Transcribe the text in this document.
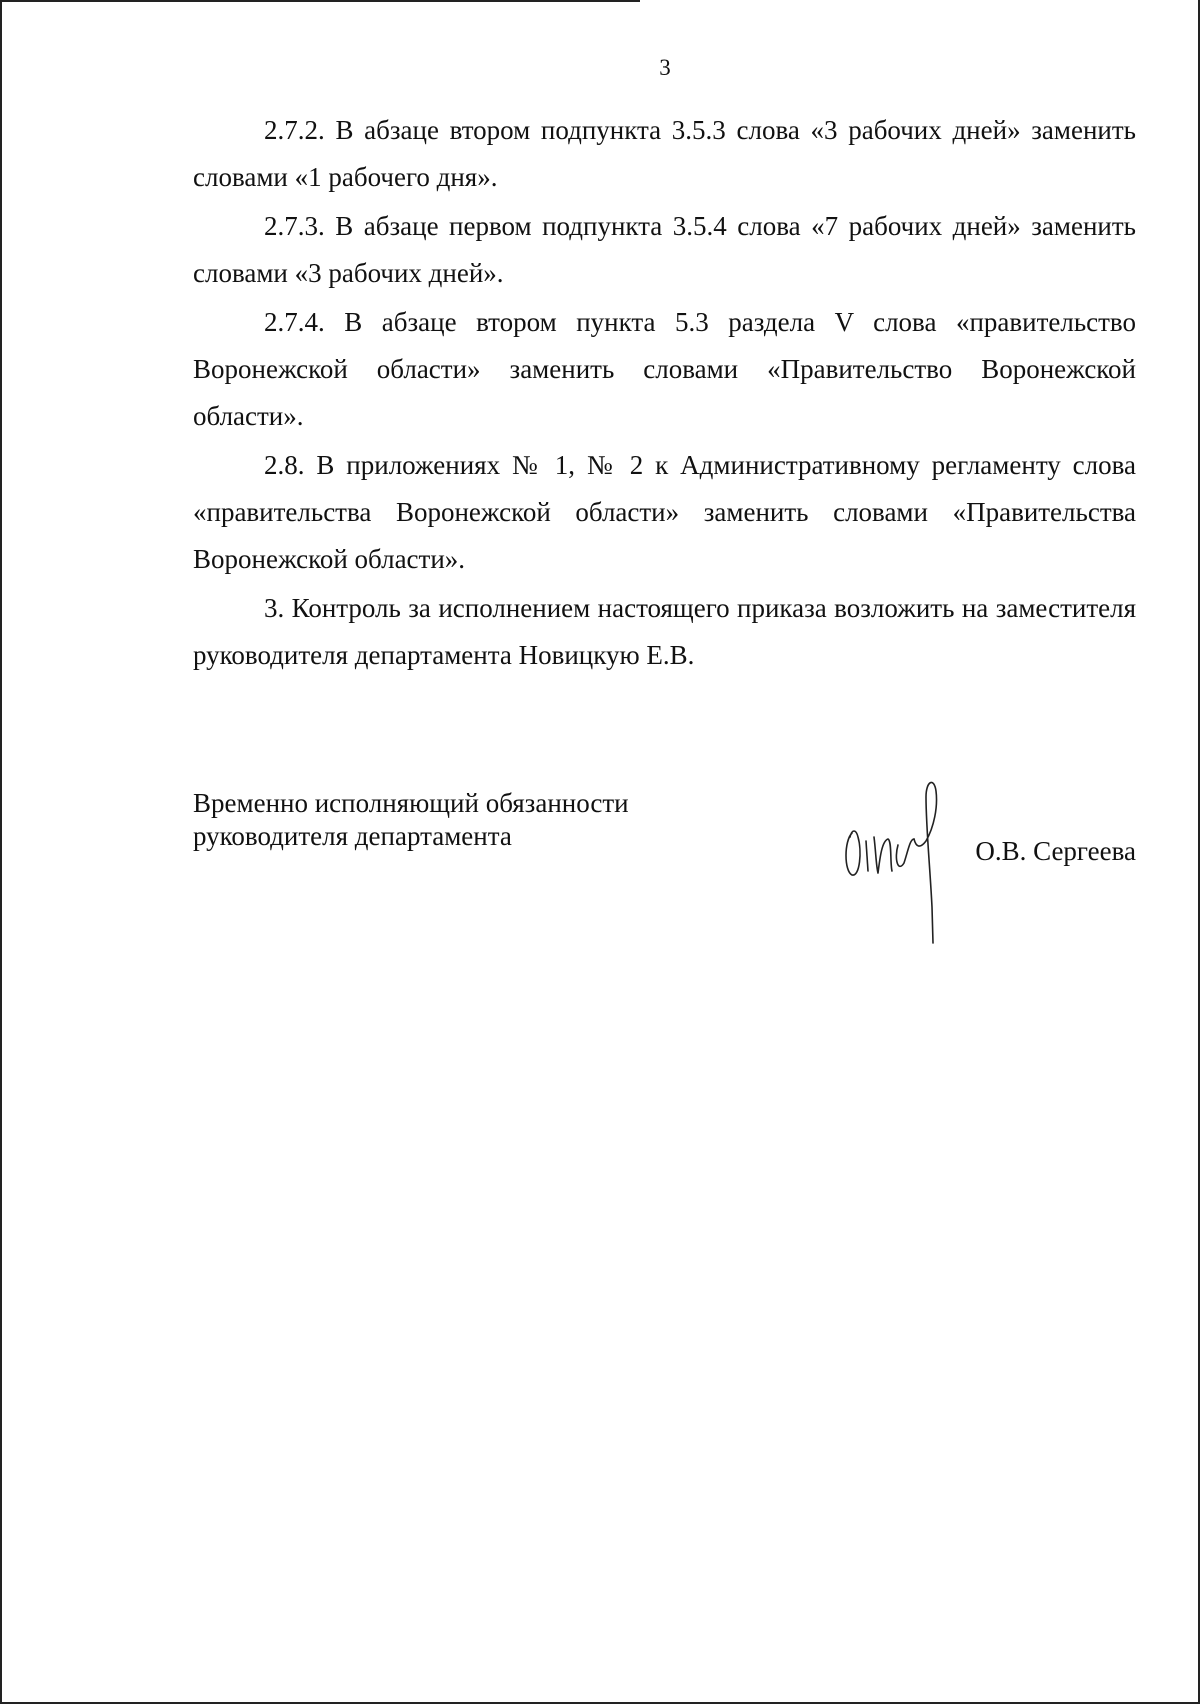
3

2.7.2. В абзаце втором подпункта 3.5.3 слова «3 рабочих дней» заменить словами «1 рабочего дня».

2.7.3. В абзаце первом подпункта 3.5.4 слова «7 рабочих дней» заменить словами «3 рабочих дней».

2.7.4. В абзаце втором пункта 5.3 раздела V слова «правительство Воронежской области» заменить словами «Правительство Воронежской области».

2.8. В приложениях № 1, № 2 к Административному регламенту слова «правительства Воронежской области» заменить словами «Правительства Воронежской области».

3. Контроль за исполнением настоящего приказа возложить на заместителя руководителя департамента Новицкую Е.В.

Временно исполняющий обязанности
руководителя департамента	О.В. Сергеева
